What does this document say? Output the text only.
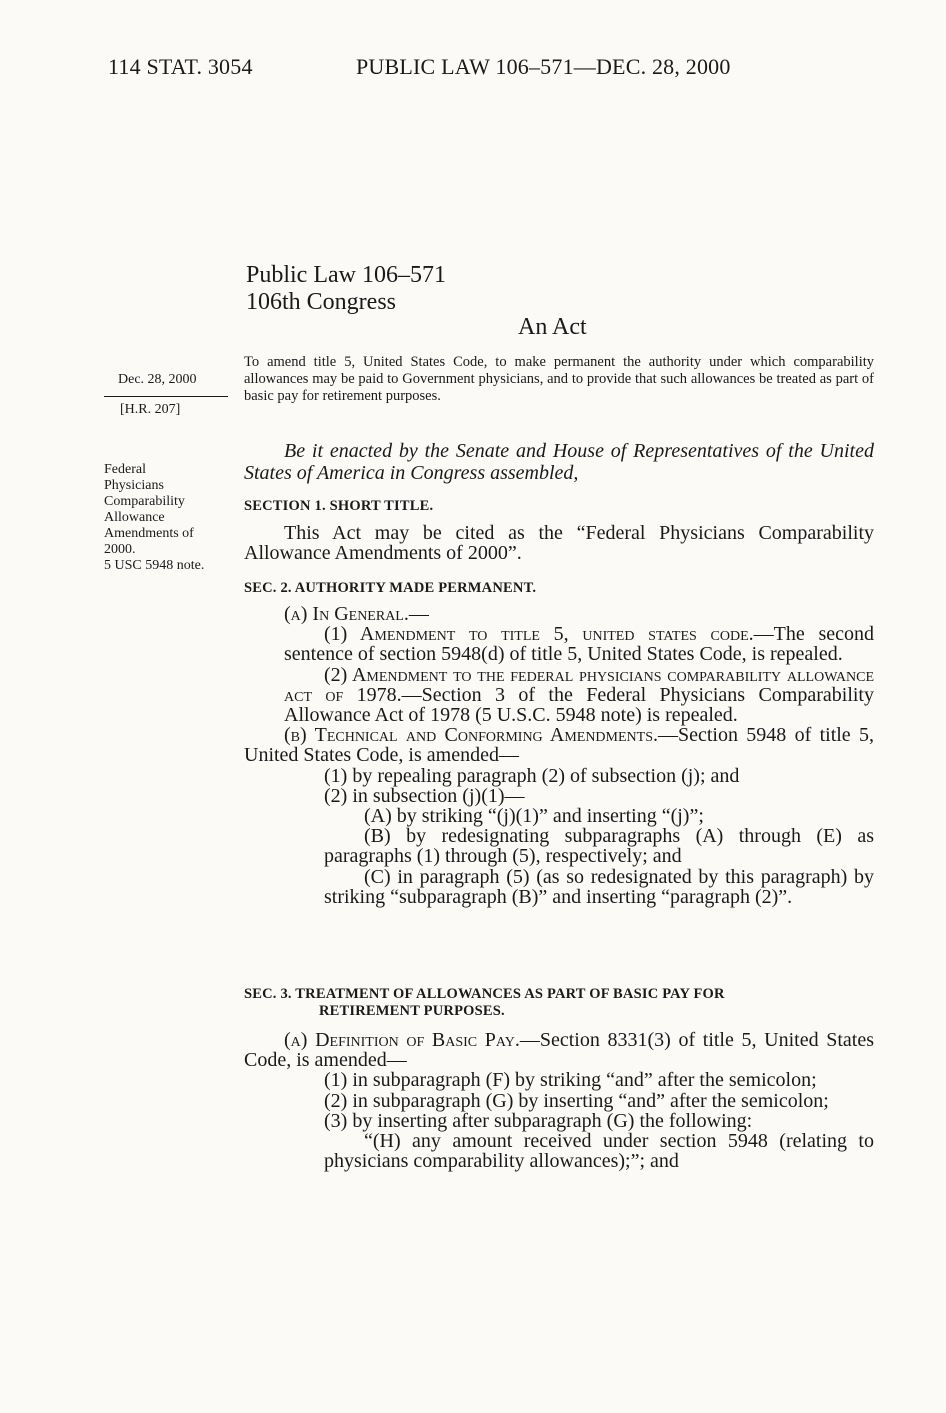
114 STAT. 3054	PUBLIC LAW 106–571—DEC. 28, 2000
Public Law 106–571
106th Congress
An Act
Dec. 28, 2000
[H.R. 207]
Federal
Physicians
Comparability
Allowance
Amendments of
2000.
5 USC 5948 note.
To amend title 5, United States Code, to make permanent the authority under which comparability allowances may be paid to Government physicians, and to provide that such allowances be treated as part of basic pay for retirement purposes.
Be it enacted by the Senate and House of Representatives of the United States of America in Congress assembled,
SECTION 1. SHORT TITLE.
This Act may be cited as the “Federal Physicians Comparability Allowance Amendments of 2000”.
SEC. 2. AUTHORITY MADE PERMANENT.
(a) In General.—
(1) Amendment to title 5, united states code.—The second sentence of section 5948(d) of title 5, United States Code, is repealed.
(2) Amendment to the federal physicians comparability allowance act of 1978.—Section 3 of the Federal Physicians Comparability Allowance Act of 1978 (5 U.S.C. 5948 note) is repealed.
(b) Technical and Conforming Amendments.—Section 5948 of title 5, United States Code, is amended—
(1) by repealing paragraph (2) of subsection (j); and
(2) in subsection (j)(1)—
(A) by striking “(j)(1)” and inserting “(j)”;
(B) by redesignating subparagraphs (A) through (E) as paragraphs (1) through (5), respectively; and
(C) in paragraph (5) (as so redesignated by this paragraph) by striking “subparagraph (B)” and inserting “paragraph (2)”.
SEC. 3. TREATMENT OF ALLOWANCES AS PART OF BASIC PAY FOR
RETIREMENT PURPOSES.
(a) Definition of Basic Pay.—Section 8331(3) of title 5, United States Code, is amended—
(1) in subparagraph (F) by striking “and” after the semicolon;
(2) in subparagraph (G) by inserting “and” after the semicolon;
(3) by inserting after subparagraph (G) the following:
“(H) any amount received under section 5948 (relating to physicians comparability allowances);”; and
